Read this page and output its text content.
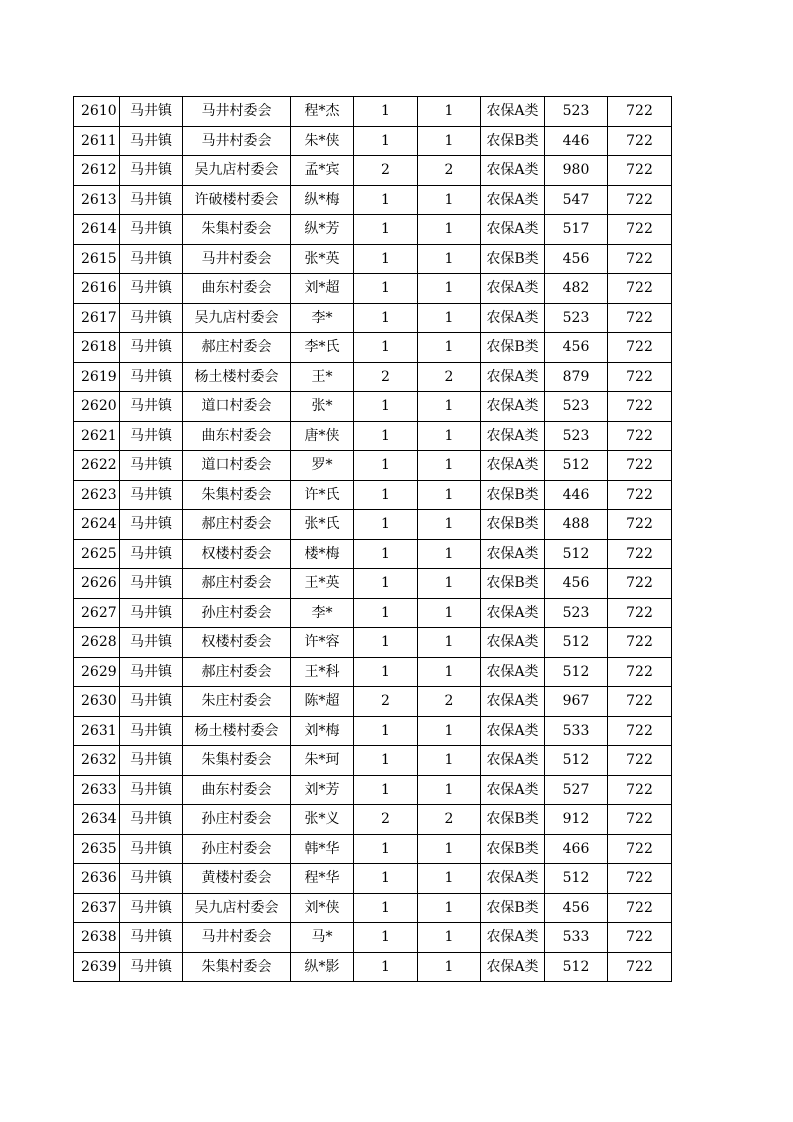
2610	马井镇	马井村委会	程*杰	1	1	农保A类	523	722
2611	马井镇	马井村委会	朱*侠	1	1	农保B类	446	722
2612	马井镇	吴九店村委会	孟*宾	2	2	农保A类	980	722
2613	马井镇	许破楼村委会	纵*梅	1	1	农保A类	547	722
2614	马井镇	朱集村委会	纵*芳	1	1	农保A类	517	722
2615	马井镇	马井村委会	张*英	1	1	农保B类	456	722
2616	马井镇	曲东村委会	刘*超	1	1	农保A类	482	722
2617	马井镇	吴九店村委会	李*	1	1	农保A类	523	722
2618	马井镇	郝庄村委会	李*氏	1	1	农保B类	456	722
2619	马井镇	杨土楼村委会	王*	2	2	农保A类	879	722
2620	马井镇	道口村委会	张*	1	1	农保A类	523	722
2621	马井镇	曲东村委会	唐*侠	1	1	农保A类	523	722
2622	马井镇	道口村委会	罗*	1	1	农保A类	512	722
2623	马井镇	朱集村委会	许*氏	1	1	农保B类	446	722
2624	马井镇	郝庄村委会	张*氏	1	1	农保B类	488	722
2625	马井镇	权楼村委会	楼*梅	1	1	农保A类	512	722
2626	马井镇	郝庄村委会	王*英	1	1	农保B类	456	722
2627	马井镇	孙庄村委会	李*	1	1	农保A类	523	722
2628	马井镇	权楼村委会	许*容	1	1	农保A类	512	722
2629	马井镇	郝庄村委会	王*科	1	1	农保A类	512	722
2630	马井镇	朱庄村委会	陈*超	2	2	农保A类	967	722
2631	马井镇	杨土楼村委会	刘*梅	1	1	农保A类	533	722
2632	马井镇	朱集村委会	朱*珂	1	1	农保A类	512	722
2633	马井镇	曲东村委会	刘*芳	1	1	农保A类	527	722
2634	马井镇	孙庄村委会	张*义	2	2	农保B类	912	722
2635	马井镇	孙庄村委会	韩*华	1	1	农保B类	466	722
2636	马井镇	黄楼村委会	程*华	1	1	农保A类	512	722
2637	马井镇	吴九店村委会	刘*侠	1	1	农保B类	456	722
2638	马井镇	马井村委会	马*	1	1	农保A类	533	722
2639	马井镇	朱集村委会	纵*影	1	1	农保A类	512	722
